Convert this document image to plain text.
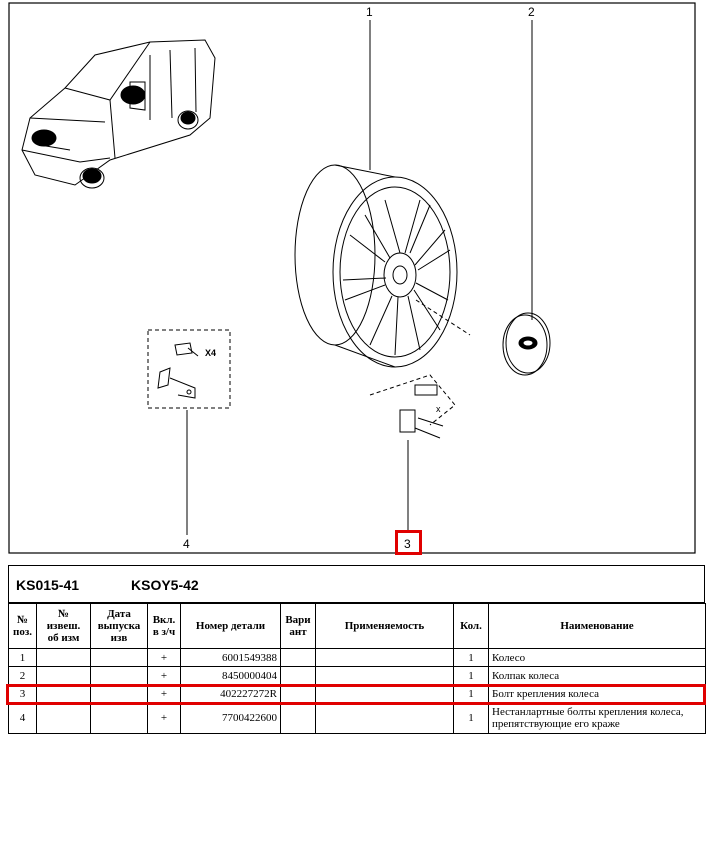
x
X4
1	2
3
4
KS015-41	KSOY5-42
№ поз.	№ извеш. об изм	Дата выпуска изв	Вкл. в з/ч	Номер детали	Вари ант	Применяемость	Кол.	Наименование
1			+	6001549388			1	Колесо
2			+	8450000404			1	Колпак колеса
3			+	402227272R			1	Болт крепления колеса
4			+	7700422600			1	Нестанлартные болты крепления колеса, препятствующие его краже
